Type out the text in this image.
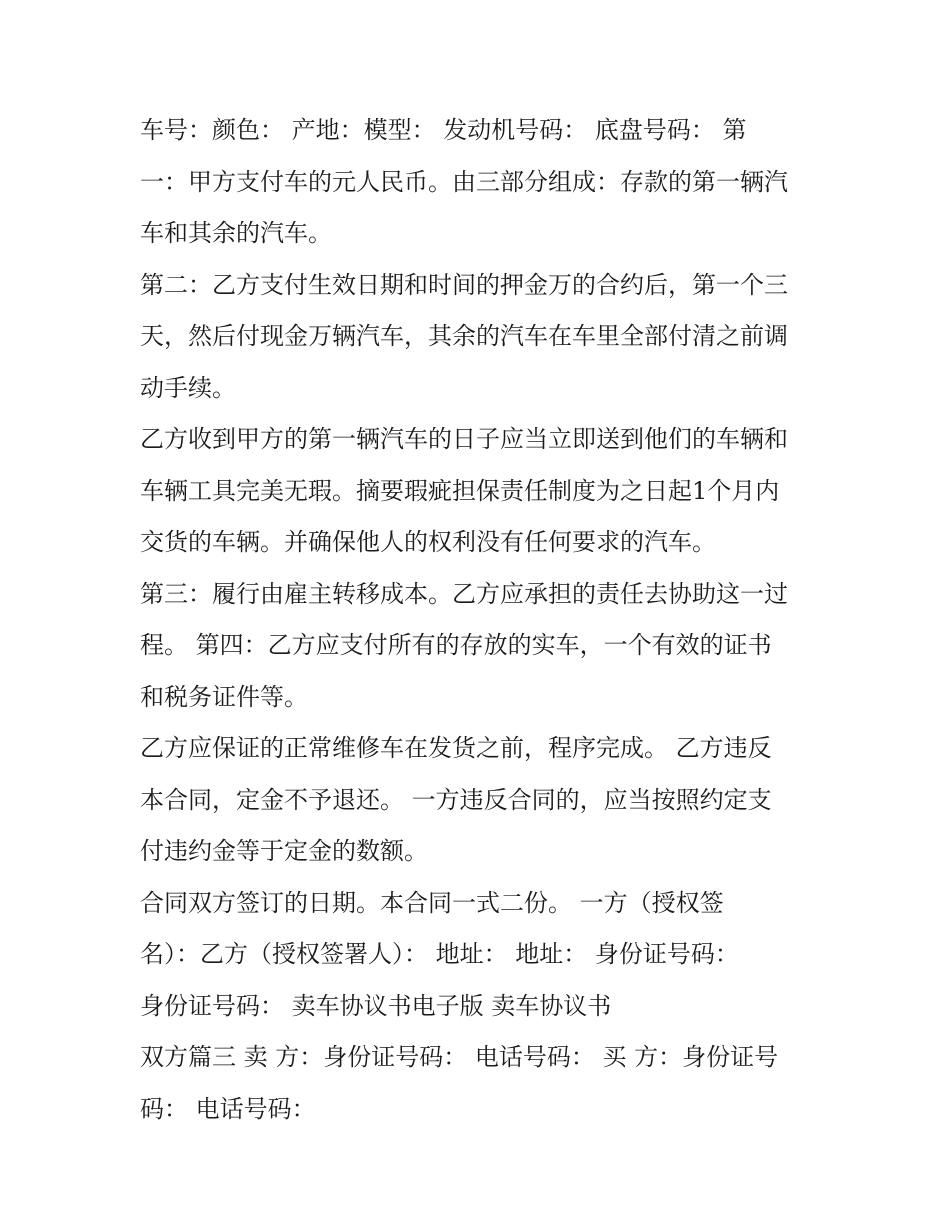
车号：颜色： 产地：模型： 发动机号码： 底盘号码： 第
一：甲方支付车的元人民币。由三部分组成：存款的第一辆汽
车和其余的汽车。
第二：乙方支付生效日期和时间的押金万的合约后，第一个三
天，然后付现金万辆汽车，其余的汽车在车里全部付清之前调
动手续。
乙方收到甲方的第一辆汽车的日子应当立即送到他们的车辆和
车辆工具完美无瑕。摘要瑕疵担保责任制度为之日起1个月内
交货的车辆。并确保他人的权利没有任何要求的汽车。
第三：履行由雇主转移成本。乙方应承担的责任去协助这一过
程。 第四：乙方应支付所有的存放的实车，一个有效的证书
和税务证件等。
乙方应保证的正常维修车在发货之前，程序完成。 乙方违反
本合同，定金不予退还。 一方违反合同的，应当按照约定支
付违约金等于定金的数额。
合同双方签订的日期。本合同一式二份。 一方（授权签
名）：乙方（授权签署人）： 地址： 地址： 身份证号码：
身份证号码： 卖车协议书电子版 卖车协议书
双方篇三 卖 方：身份证号码： 电话号码： 买 方：身份证号
码： 电话号码：
